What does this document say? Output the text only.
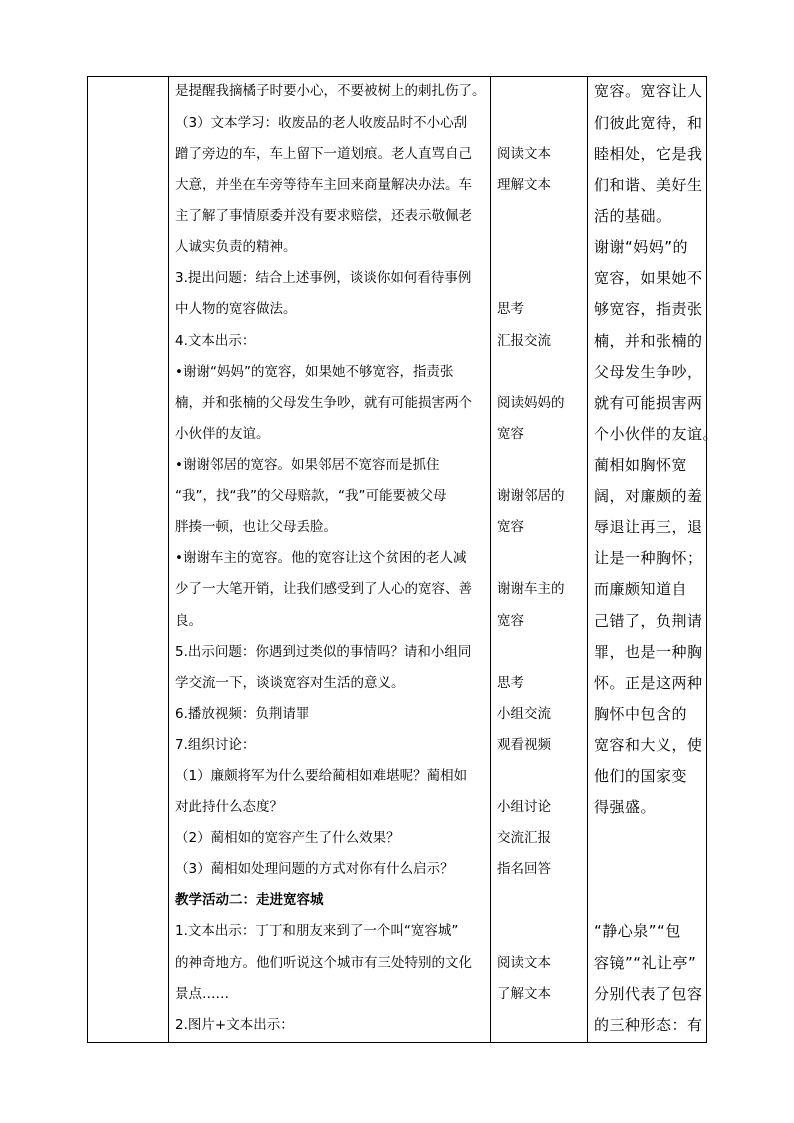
是提醒我摘橘子时要小心，不要被树上的刺扎伤了。
（3）文本学习：收废品的老人收废品时不小心刮
蹭了旁边的车，车上留下一道划痕。老人直骂自己
大意，并坐在车旁等待车主回来商量解决办法。车
主了解了事情原委并没有要求赔偿，还表示敬佩老
人诚实负责的精神。
3.提出问题：结合上述事例，谈谈你如何看待事例
中人物的宽容做法。
4.文本出示：
•谢谢“妈妈”的宽容，如果她不够宽容，指责张
楠，并和张楠的父母发生争吵，就有可能损害两个
小伙伴的友谊。
•谢谢邻居的宽容。如果邻居不宽容而是抓住
“我”，找“我”的父母赔款，“我”可能要被父母
胖揍一顿，也让父母丢脸。
•谢谢车主的宽容。他的宽容让这个贫困的老人减
少了一大笔开销，让我们感受到了人心的宽容、善
良。
5.出示问题：你遇到过类似的事情吗？请和小组同
学交流一下，谈谈宽容对生活的意义。
6.播放视频：负荆请罪
7.组织讨论：
（1）廉颇将军为什么要给蔺相如难堪呢？蔺相如
对此持什么态度？
（2）蔺相如的宽容产生了什么效果？
（3）蔺相如处理问题的方式对你有什么启示？
教学活动二：走进宽容城
1.文本出示：丁丁和朋友来到了一个叫“宽容城”
的神奇地方。他们听说这个城市有三处特别的文化
景点……
2.图片+文本出示：
阅读文本
理解文本
思考
汇报交流
阅读妈妈的
宽容
谢谢邻居的
宽容
谢谢车主的
宽容
思考
小组交流
观看视频
小组讨论
交流汇报
指名回答
阅读文本
了解文本
宽容。宽容让人
们彼此宽待，和
睦相处，它是我
们和谐、美好生
活的基础。
谢谢“妈妈”的
宽容，如果她不
够宽容，指责张
楠，并和张楠的
父母发生争吵，
就有可能损害两
个小伙伴的友谊。
蔺相如胸怀宽
阔，对廉颇的羞
辱退让再三，退
让是一种胸怀；
而廉颇知道自
己错了，负荆请
罪，也是一种胸
怀。正是这两种
胸怀中包含的
宽容和大义，使
他们的国家变
得强盛。
“静心泉”“包
容镜”“礼让亭”
分别代表了包容
的三种形态：有
